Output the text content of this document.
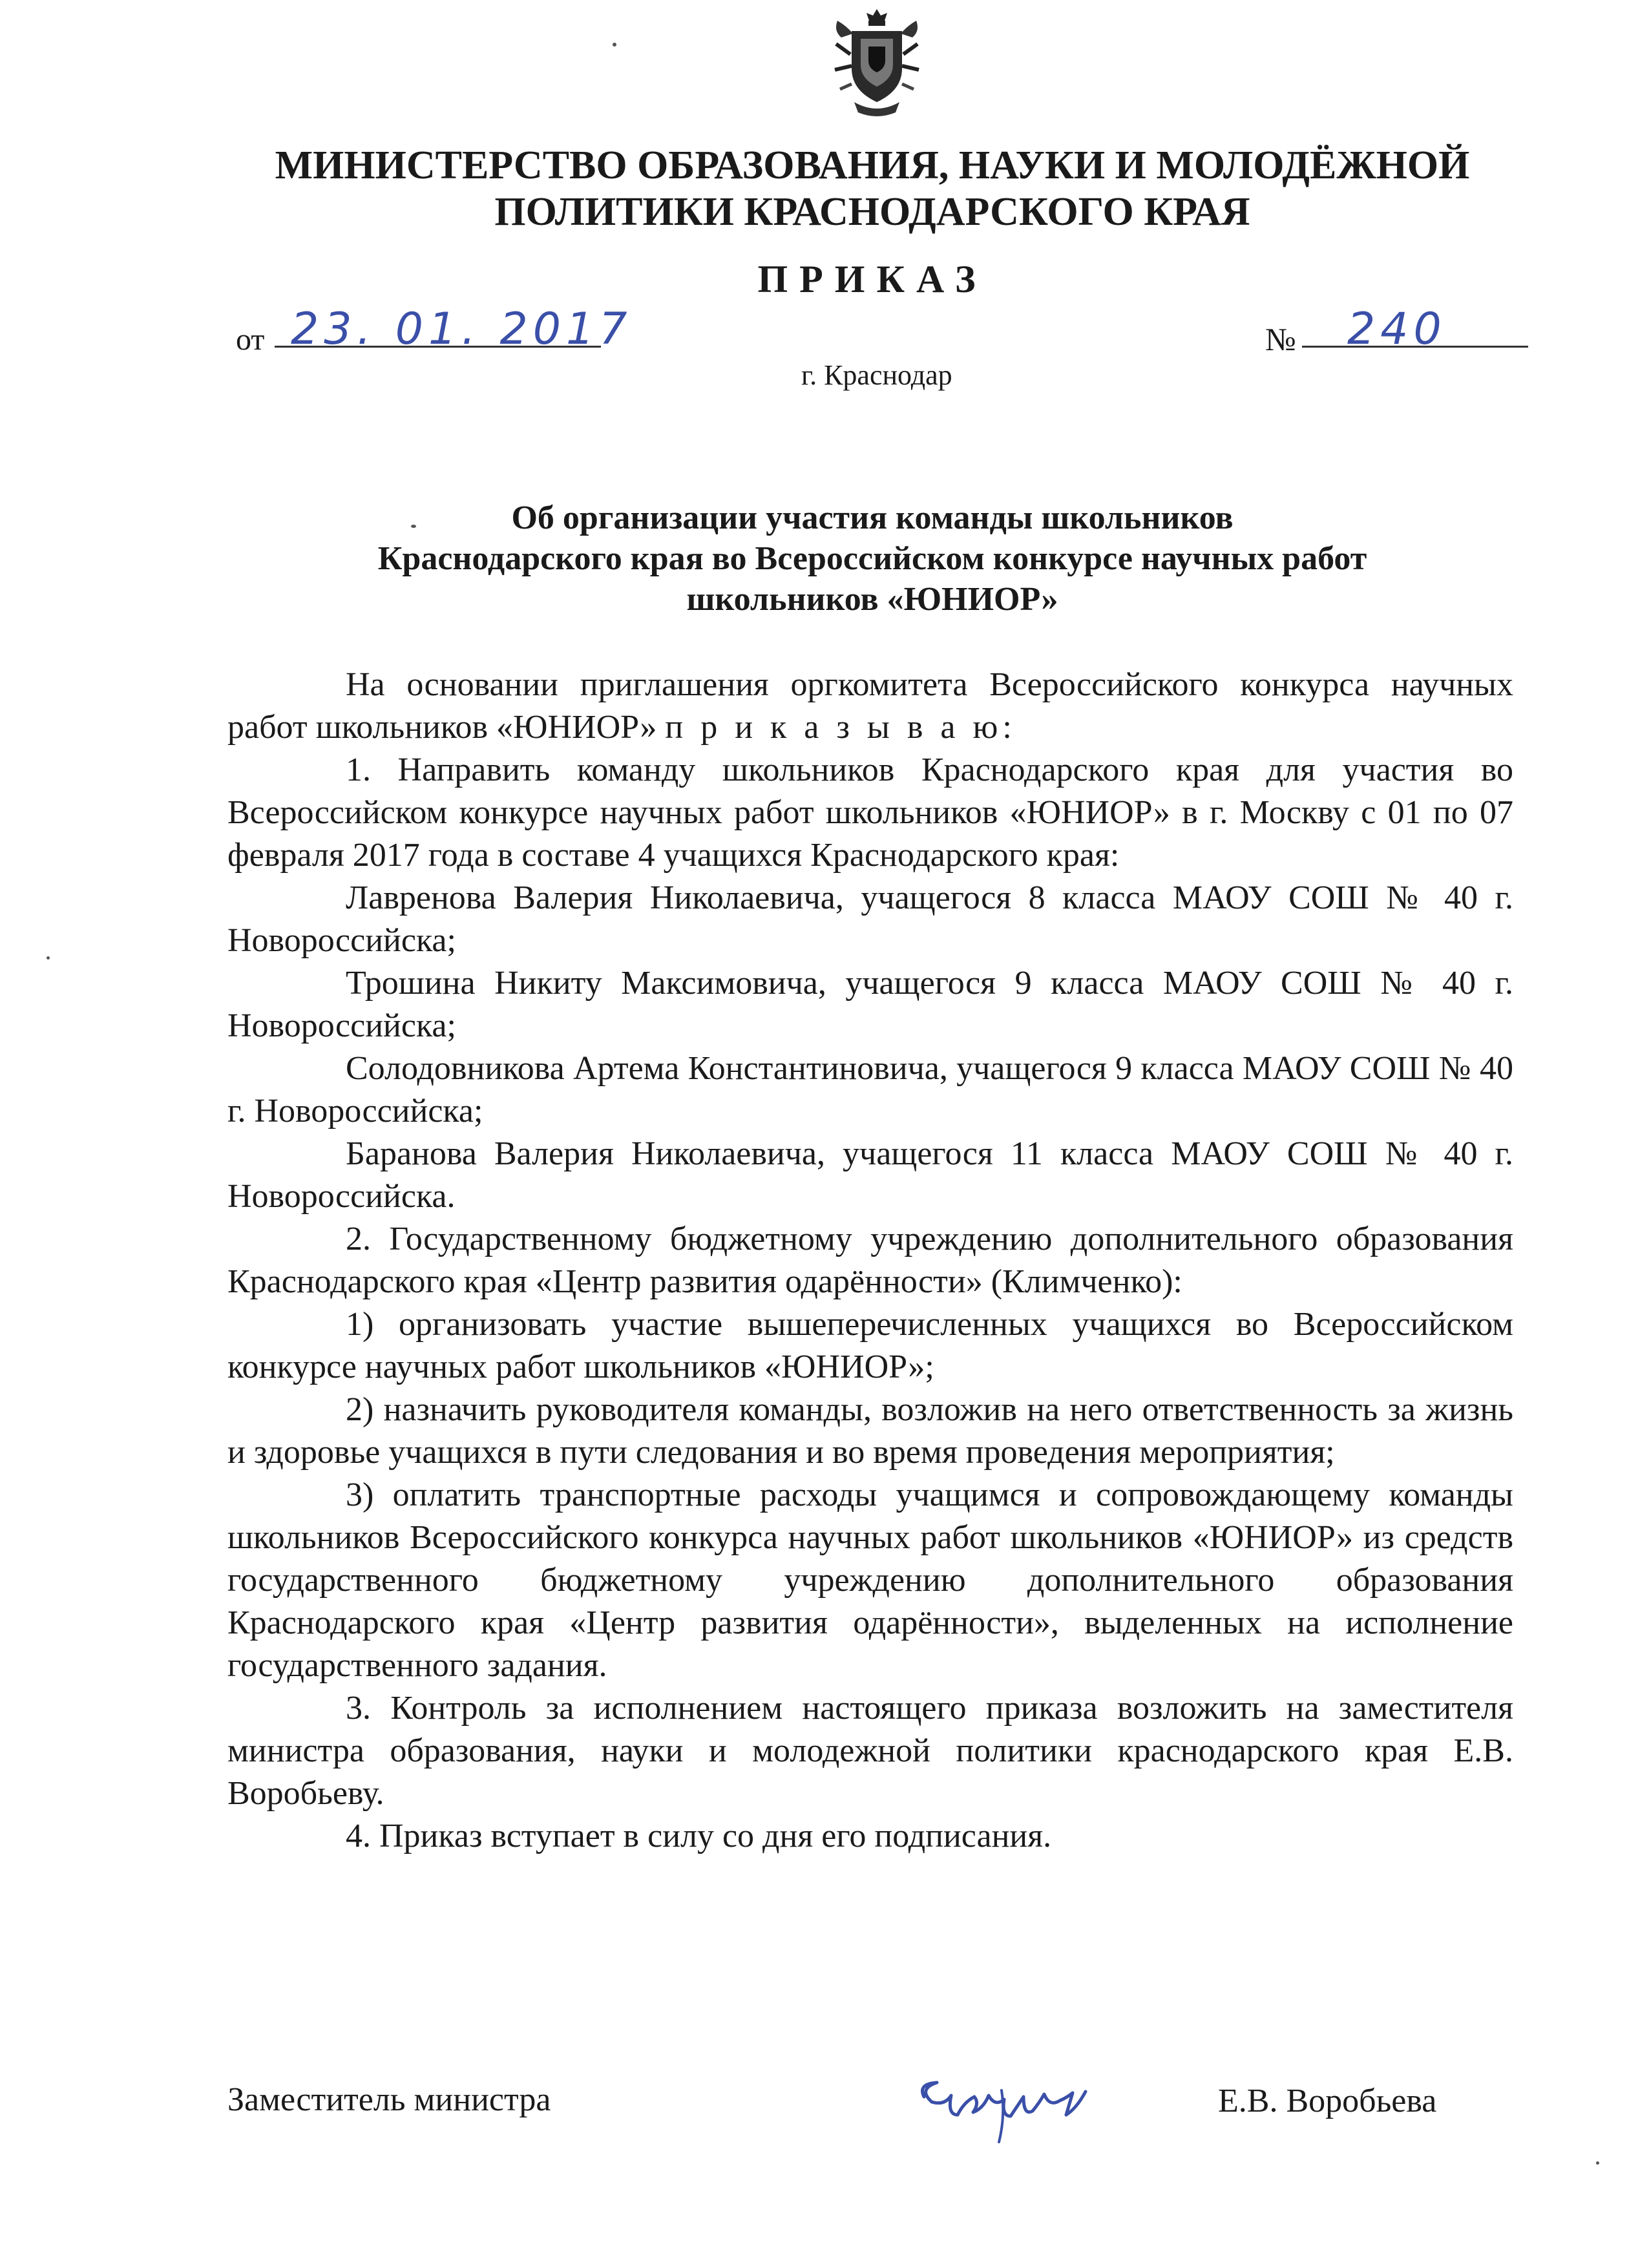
МИНИСТЕРСТВО ОБРАЗОВАНИЯ, НАУКИ И МОЛОДЁЖНОЙ
ПОЛИТИКИ КРАСНОДАРСКОГО КРАЯ
ПРИКАЗ
от 23. 01. 2017	№ 240
г. Краснодар
Об организации участия команды школьников
Краснодарского края во Всероссийском конкурсе научных работ
школьников «ЮНИОР»

На основании приглашения оргкомитета Всероссийского конкурса научных работ школьников «ЮНИОР» п р и к а з ы в а ю:

1. Направить команду школьников Краснодарского края для участия во Всероссийском конкурсе научных работ школьников «ЮНИОР» в г. Москву с 01 по 07 февраля 2017 года в составе 4 учащихся Краснодарского края:

Лавренова Валерия Николаевича, учащегося 8 класса МАОУ СОШ № 40 г. Новороссийска;

Трошина Никиту Максимовича, учащегося 9 класса МАОУ СОШ № 40 г. Новороссийска;

Солодовникова Артема Константиновича, учащегося 9 класса МАОУ СОШ № 40 г. Новороссийска;

Баранова Валерия Николаевича, учащегося 11 класса МАОУ СОШ № 40 г. Новороссийска.

2. Государственному бюджетному учреждению дополнительного образования Краснодарского края «Центр развития одарённости» (Климченко):

1) организовать участие вышеперечисленных учащихся во Всероссийском конкурсе научных работ школьников «ЮНИОР»;

2) назначить руководителя команды, возложив на него ответственность за жизнь и здоровье учащихся в пути следования и во время проведения мероприятия;

3) оплатить транспортные расходы учащимся и сопровождающему команды школьников Всероссийского конкурса научных работ школьников «ЮНИОР» из средств государственного бюджетному учреждению дополнительного образования Краснодарского края «Центр развития одарённости», выделенных на исполнение государственного задания.

3. Контроль за исполнением настоящего приказа возложить на заместителя министра образования, науки и молодежной политики краснодарского края Е.В. Воробьеву.

4. Приказ вступает в силу со дня его подписания.

Заместитель министра	Е.В. Воробьева
